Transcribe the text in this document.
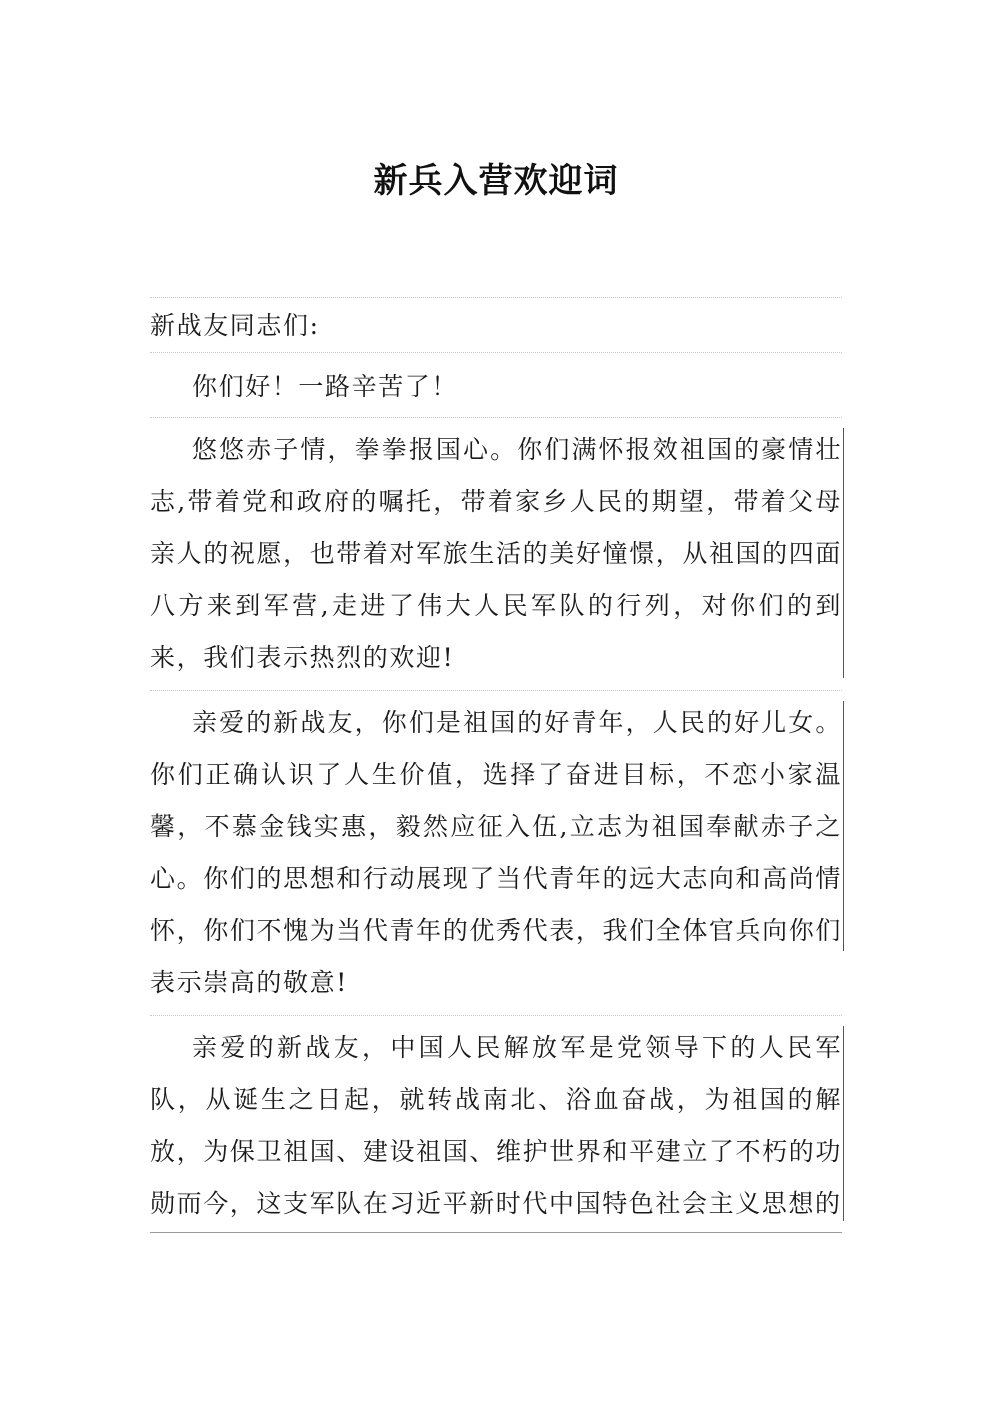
新兵入营欢迎词

新战友同志们:

你们好！一路辛苦了！

悠悠赤子情，拳拳报国心。你们满怀报效祖国的豪情壮志,带着党和政府的嘱托，带着家乡人民的期望，带着父母亲人的祝愿，也带着对军旅生活的美好憧憬，从祖国的四面八方来到军营,走进了伟大人民军队的行列，对你们的到来，我们表示热烈的欢迎!

亲爱的新战友，你们是祖国的好青年，人民的好儿女。你们正确认识了人生价值，选择了奋进目标，不恋小家温馨，不慕金钱实惠，毅然应征入伍,立志为祖国奉献赤子之心。你们的思想和行动展现了当代青年的远大志向和高尚情怀，你们不愧为当代青年的优秀代表，我们全体官兵向你们表示崇高的敬意!

亲爱的新战友，中国人民解放军是党领导下的人民军队，从诞生之日起，就转战南北、浴血奋战，为祖国的解放，为保卫祖国、建设祖国、维护世界和平建立了不朽的功勋而今，这支军队在习近平新时代中国特色社会主义思想的
